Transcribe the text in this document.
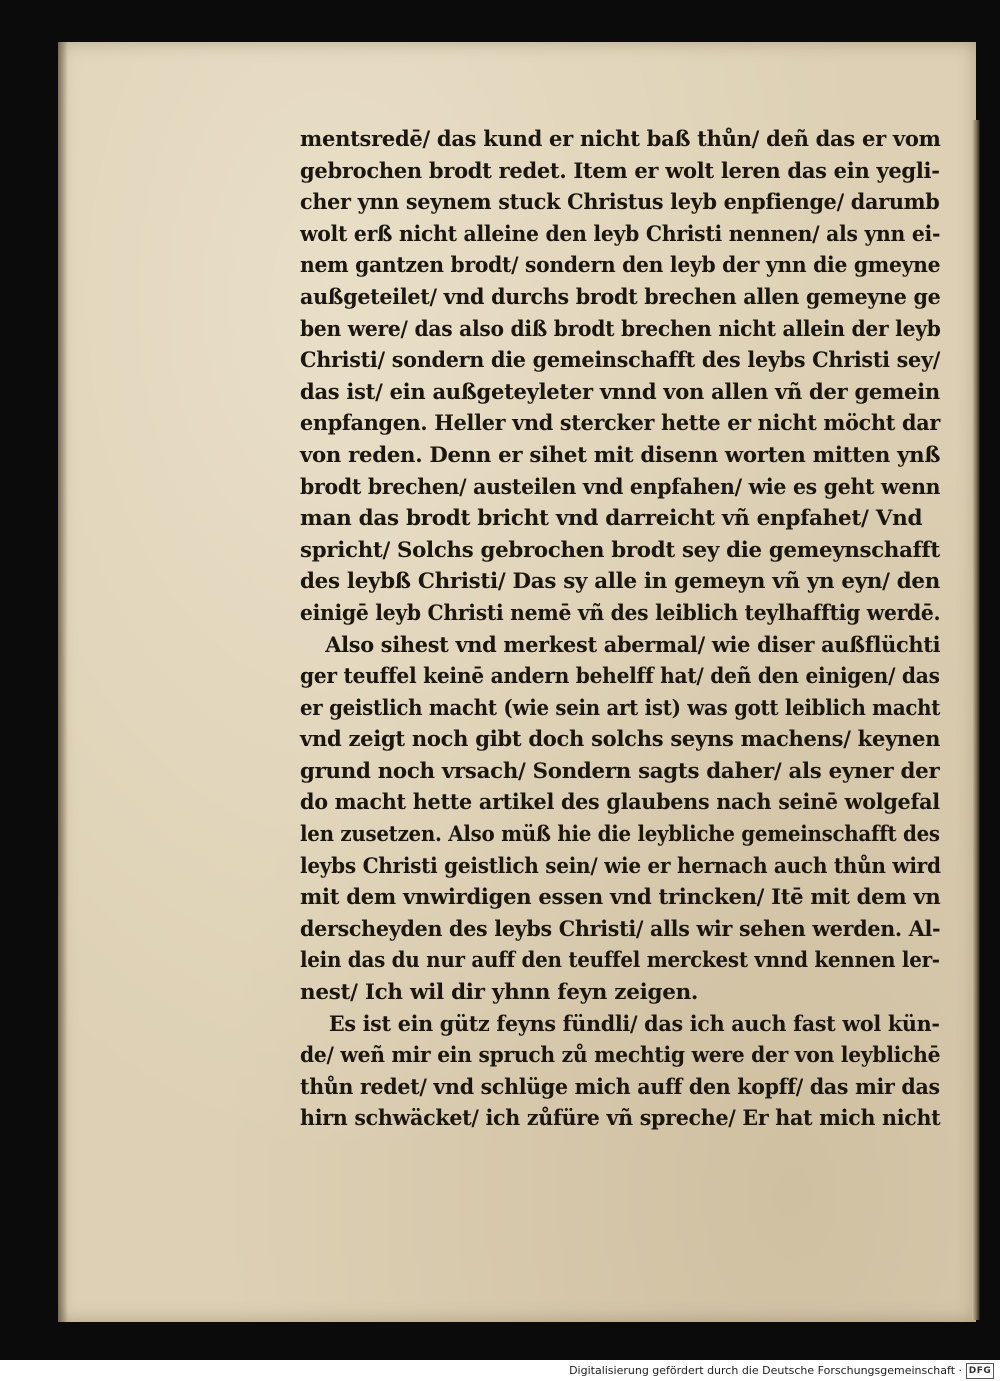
mentsredē/ das kund er nicht baß thůn/ deñ das er vom
gebrochen brodt redet. Item er wolt leren das ein yegli-
cher ynn seynem stuck Christus leyb enpfienge/ darumb
wolt erß nicht alleine den leyb Christi nennen/ als ynn ei-
nem gantzen brodt/ sondern den leyb der ynn die gmeyne
außgeteilet/ vnd durchs brodt brechen allen gemeyne ge
ben were/ das also diß brodt brechen nicht allein der leyb
Christi/ sondern die gemeinschafft des leybs Christi sey/
das ist/ ein außgeteyleter vnnd von allen vñ der gemein
enpfangen. Heller vnd stercker hette er nicht möcht dar
von reden. Denn er sihet mit disenn worten mitten ynß
brodt brechen/ austeilen vnd enpfahen/ wie es geht wenn
man das brodt bricht vnd darreicht vñ enpfahet/ Vnd
spricht/ Solchs gebrochen brodt sey die gemeynschafft
des leybß Christi/ Das sy alle in gemeyn vñ yn eyn/ den
einigē leyb Christi nemē vñ des leiblich teylhafftig werdē.
Also sihest vnd merkest abermal/ wie diser außflüchti
ger teuffel keinē andern behelff hat/ deñ den einigen/ das
er geistlich macht (wie sein art ist) was gott leiblich macht
vnd zeigt noch gibt doch solchs seyns machens/ keynen
grund noch vrsach/ Sondern sagts daher/ als eyner der
do macht hette artikel des glaubens nach seinē wolgefal
len zusetzen. Also müß hie die leybliche gemeinschafft des
leybs Christi geistlich sein/ wie er hernach auch thůn wird
mit dem vnwirdigen essen vnd trincken/ Itē mit dem vn
derscheyden des leybs Christi/ alls wir sehen werden. Al-
lein das du nur auff den teuffel merckest vnnd kennen ler-
nest/ Ich wil dir yhnn feyn zeigen.
Es ist ein gütz feyns fündli/ das ich auch fast wol kün-
de/ weñ mir ein spruch zů mechtig were der von leyblichē
thůn redet/ vnd schlüge mich auff den kopff/ das mir das
hirn schwäcket/ ich zůfüre vñ spreche/ Er hat mich nicht
Digitalisierung gefördert durch die Deutsche Forschungsgemeinschaft · DFG
